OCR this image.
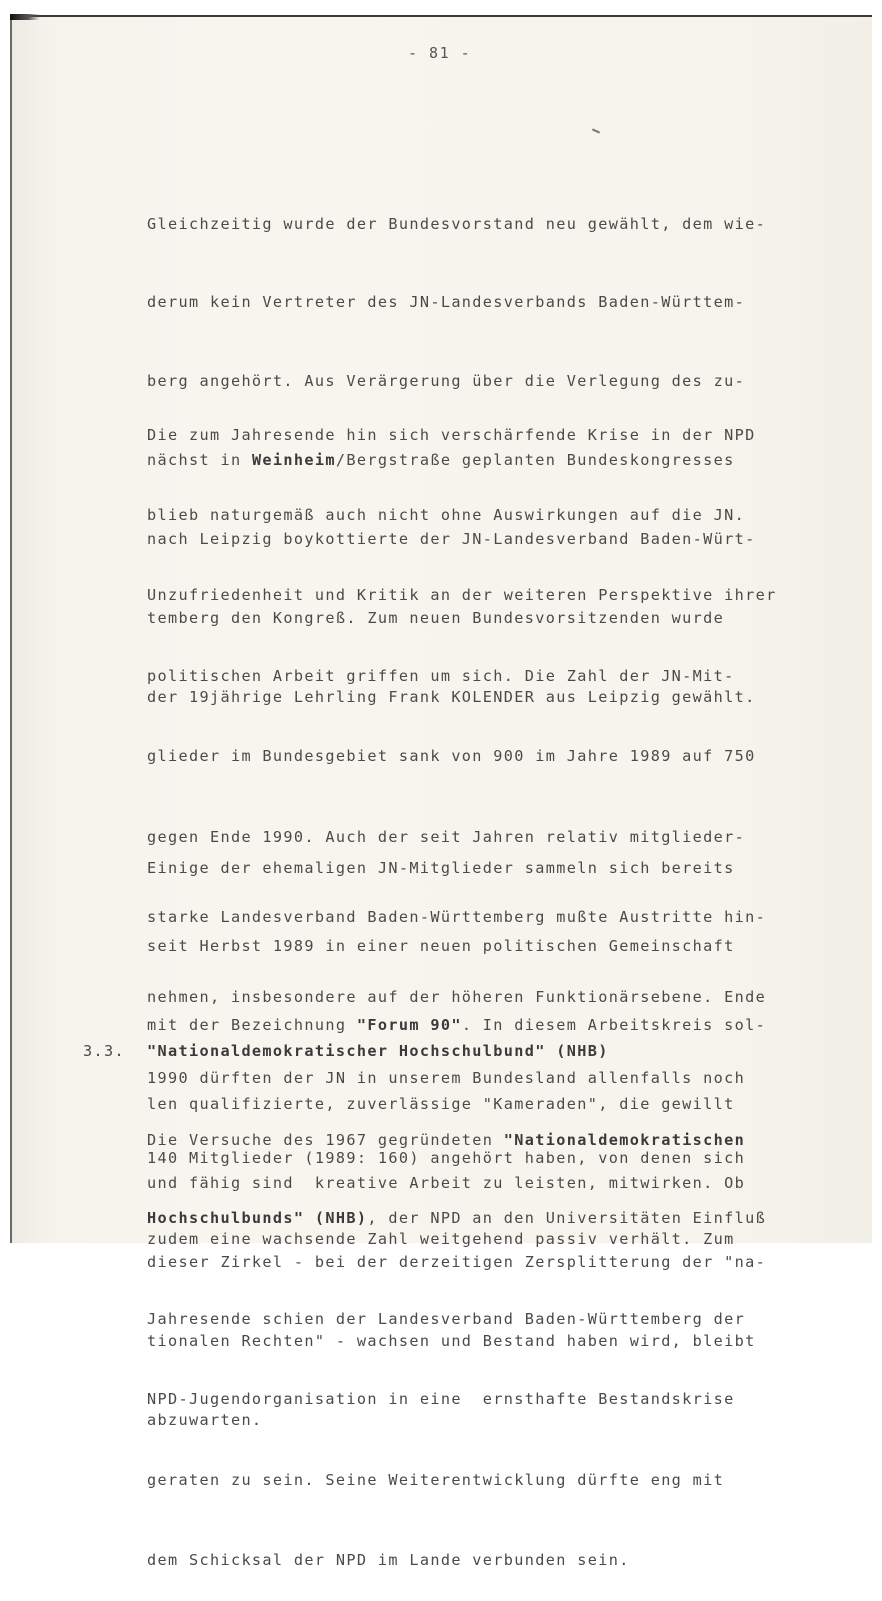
- 81 -

Gleichzeitig wurde der Bundesvorstand neu gewählt, dem wie-

derum kein Vertreter des JN-Landesverbands Baden-Württem-

berg angehört. Aus Verärgerung über die Verlegung des zu-

nächst in Weinheim/Bergstraße geplanten Bundeskongresses

nach Leipzig boykottierte der JN-Landesverband Baden-Würt-

temberg den Kongreß. Zum neuen Bundesvorsitzenden wurde

der 19jährige Lehrling Frank KOLENDER aus Leipzig gewählt.

Die zum Jahresende hin sich verschärfende Krise in der NPD

blieb naturgemäß auch nicht ohne Auswirkungen auf die JN.

Unzufriedenheit und Kritik an der weiteren Perspektive ihrer

politischen Arbeit griffen um sich. Die Zahl der JN-Mit-

glieder im Bundesgebiet sank von 900 im Jahre 1989 auf 750

gegen Ende 1990. Auch der seit Jahren relativ mitglieder-

starke Landesverband Baden-Württemberg mußte Austritte hin-

nehmen, insbesondere auf der höheren Funktionärsebene. Ende

1990 dürften der JN in unserem Bundesland allenfalls noch

140 Mitglieder (1989: 160) angehört haben, von denen sich

zudem eine wachsende Zahl weitgehend passiv verhält. Zum

Jahresende schien der Landesverband Baden-Württemberg der

NPD-Jugendorganisation in eine  ernsthafte Bestandskrise

geraten zu sein. Seine Weiterentwicklung dürfte eng mit

dem Schicksal der NPD im Lande verbunden sein.

Einige der ehemaligen JN-Mitglieder sammeln sich bereits

seit Herbst 1989 in einer neuen politischen Gemeinschaft

mit der Bezeichnung "Forum 90". In diesem Arbeitskreis sol-

len qualifizierte, zuverlässige "Kameraden", die gewillt

und fähig sind  kreative Arbeit zu leisten, mitwirken. Ob

dieser Zirkel - bei der derzeitigen Zersplitterung der "na-

tionalen Rechten" - wachsen und Bestand haben wird, bleibt

abzuwarten.

3.3. "Nationaldemokratischer Hochschulbund" (NHB)

Die Versuche des 1967 gegründeten "Nationaldemokratischen

Hochschulbunds" (NHB), der NPD an den Universitäten Einfluß
